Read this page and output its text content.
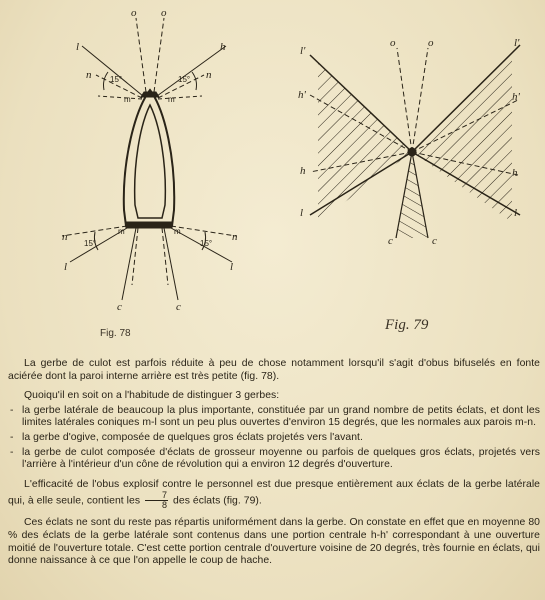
o o
l	h
n	n
15°	15°
m	m
n	n
15°	15°
m	m
l	l
c	c
o	o
l'
l'
h'	h'
h	h
l	l
c	c
Fig. 78
Fig. 79

La gerbe de culot est parfois réduite à peu de chose notamment lorsqu'il s'agit d'obus bifuselés en fonte aciérée dont la paroi interne arrière est très petite (fig. 78).

Quoiqu'il en soit on a l'habitude de distinguer 3 gerbes:

- la gerbe latérale de beaucoup la plus importante, constituée par un grand nombre de petits éclats, et dont les limites latérales coniques m-l sont un peu plus ouvertes d'environ 15 degrés, que les normales aux parois m-n.
- la gerbe d'ogive, composée de quelques gros éclats projetés vers l'avant.
- la gerbe de culot composée d'éclats de grosseur moyenne ou parfois de quelques gros éclats, projetés vers l'arrière à l'intérieur d'un cône de révolution qui a environ 12 degrés d'ouverture.

L'efficacité de l'obus explosif contre le personnel est due presque entièrement aux éclats de la gerbe latérale qui, à elle seule, contient les $\frac{7}{8}$ des éclats (fig. 79).

Ces éclats ne sont du reste pas répartis uniformément dans la gerbe. On constate en effet que en moyenne 80 % des éclats de la gerbe latérale sont contenus dans une portion centrale h-h' correspondant à une ouverture moitié de l'ouverture totale. C'est cette portion centrale d'ouverture voisine de 20 degrés, très fournie en éclats, qui donne naissance à ce que l'on appelle le coup de hache.
